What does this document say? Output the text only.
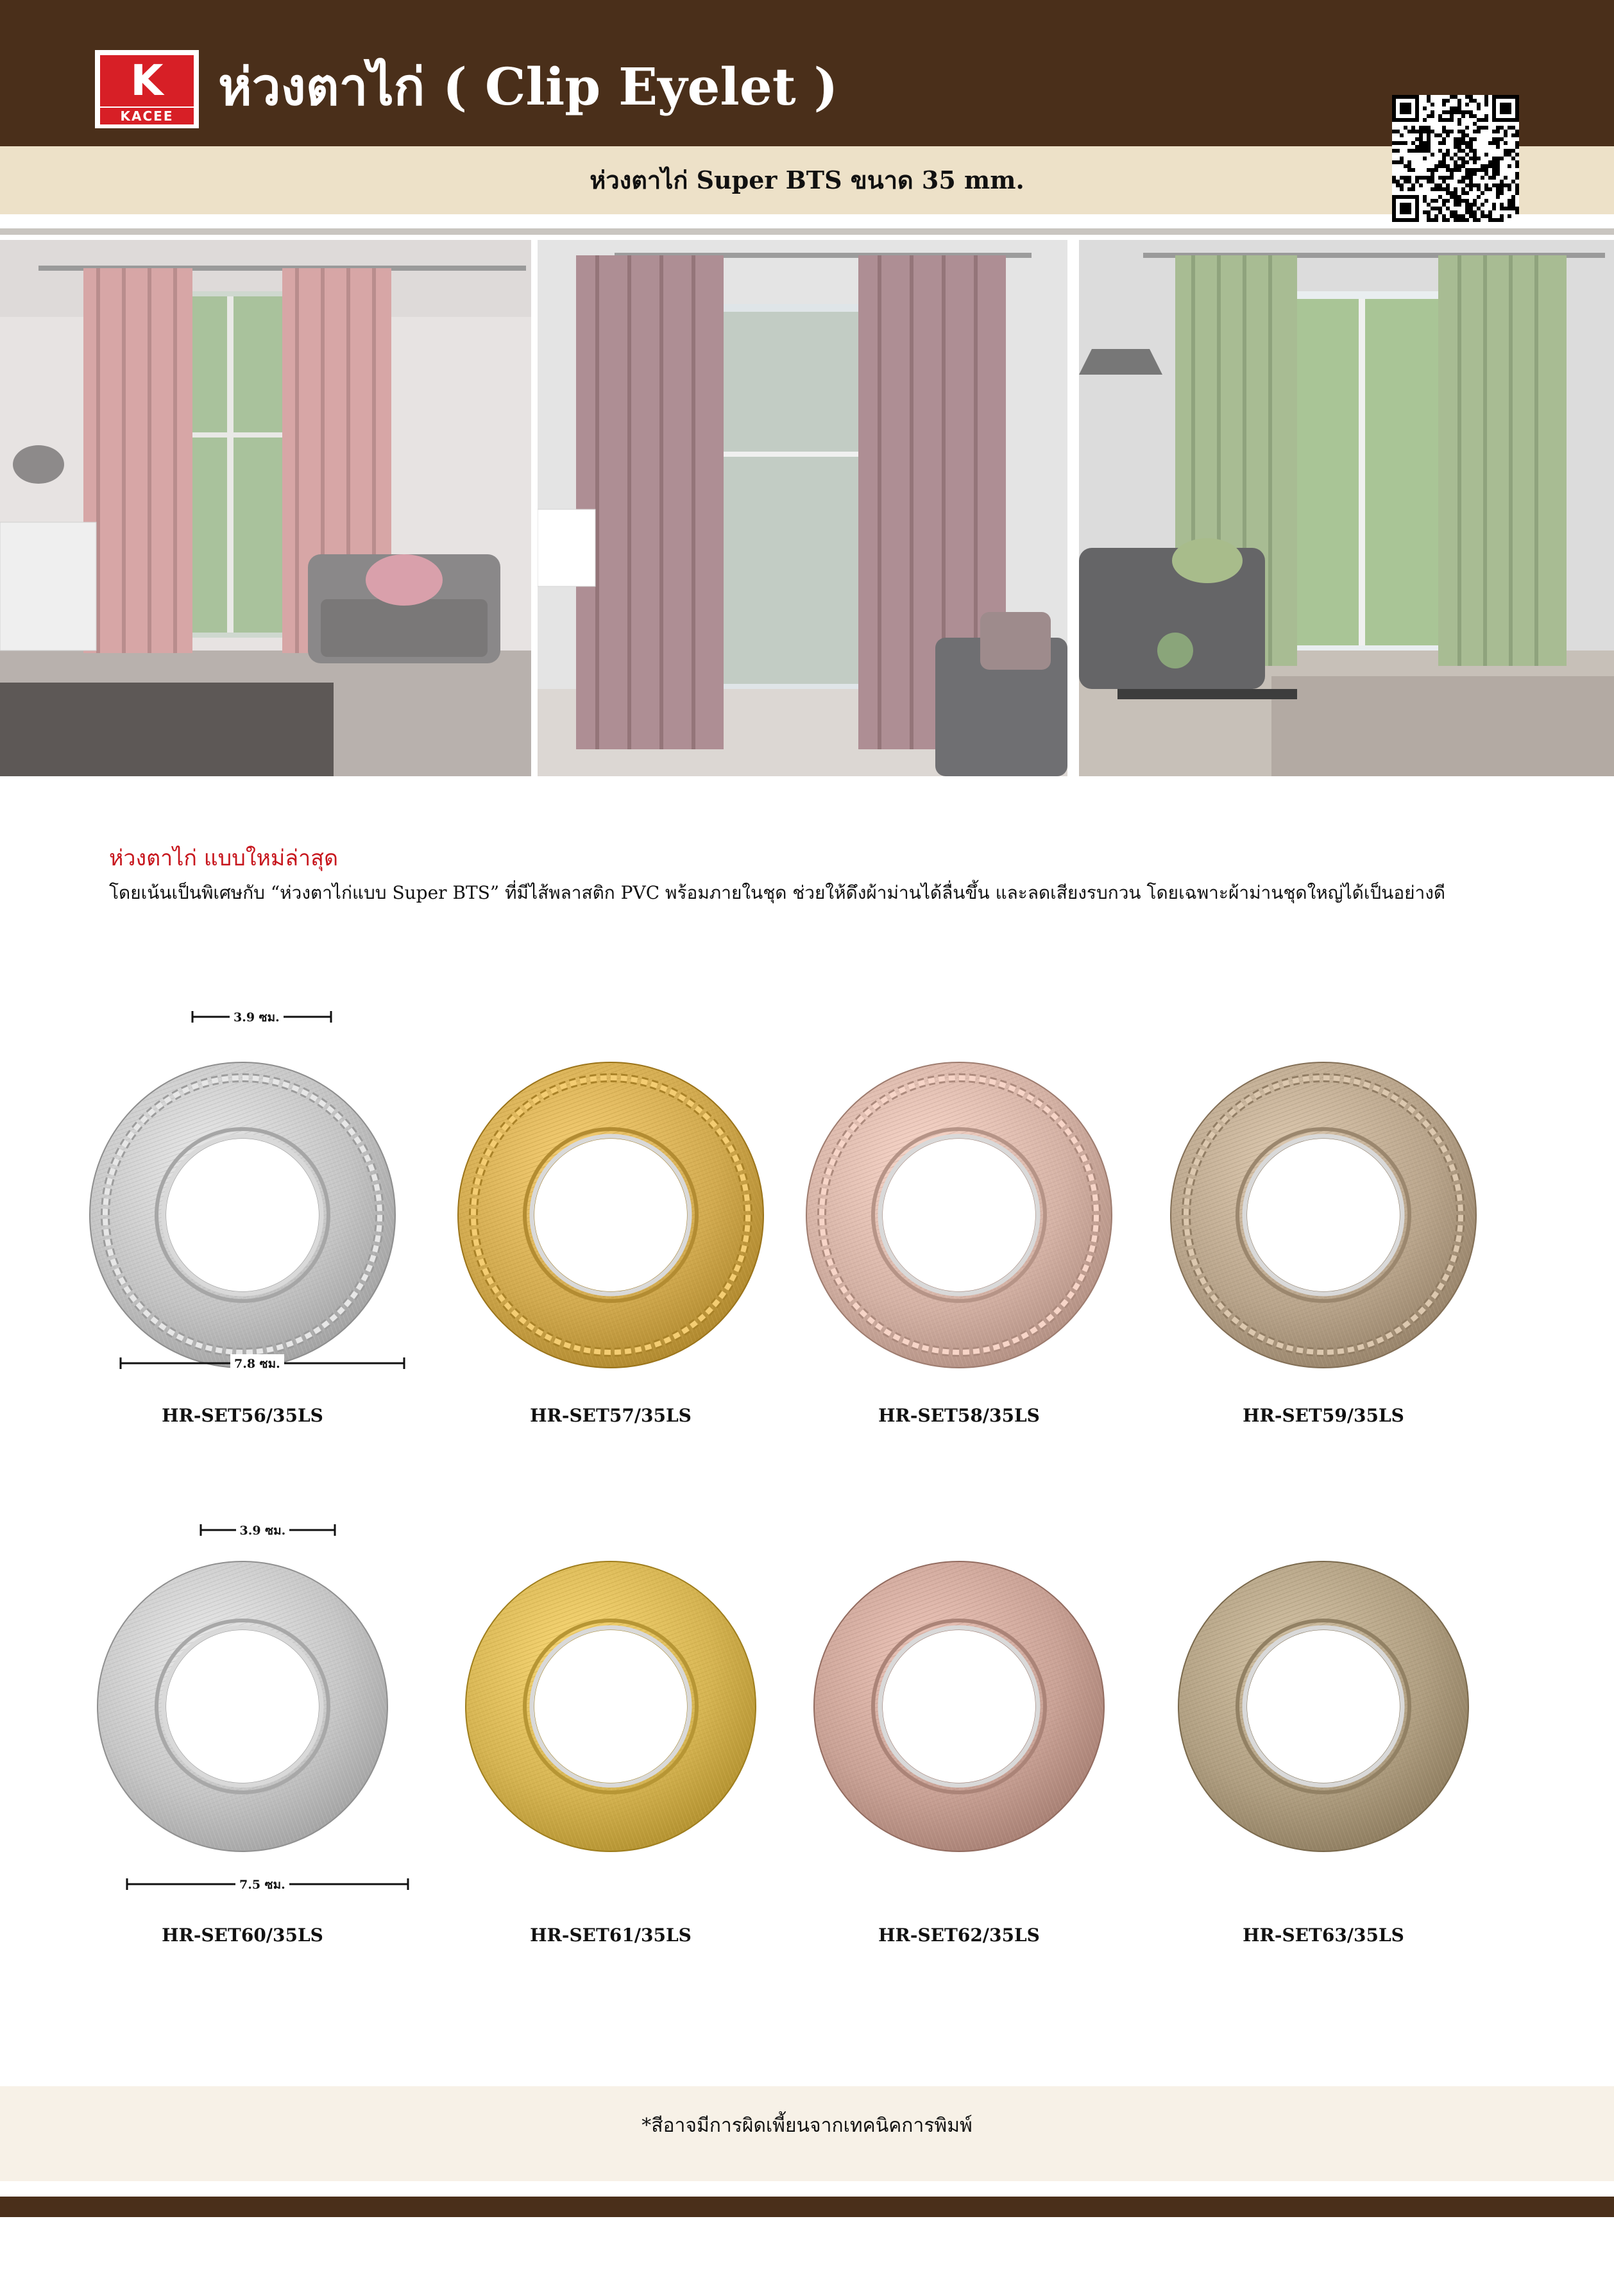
K
KACEE ห่วงตาไก่ ( Clip Eyelet )
ห่วงตาไก่ Super BTS ขนาด 35 mm.
ห่วงตาไก่ แบบใหม่ล่าสุด
โดยเน้นเป็นพิเศษกับ “ห่วงตาไก่แบบ Super BTS” ที่มีไส้พลาสติก PVC พร้อมภายในชุด ช่วยให้ดึงผ้าม่านได้ลื่นขึ้น และลดเสียงรบกวน โดยเฉพาะผ้าม่านชุดใหญ่ได้เป็นอย่างดี
HR-SET56/35LS	HR-SET57/35LS	HR-SET58/35LS	HR-SET59/35LS
3.9 ซม.
7.8 ซม.
HR-SET60/35LS	HR-SET61/35LS	HR-SET62/35LS	HR-SET63/35LS
3.9 ซม.
7.5 ซม.
*สีอาจมีการผิดเพี้ยนจากเทคนิคการพิมพ์
